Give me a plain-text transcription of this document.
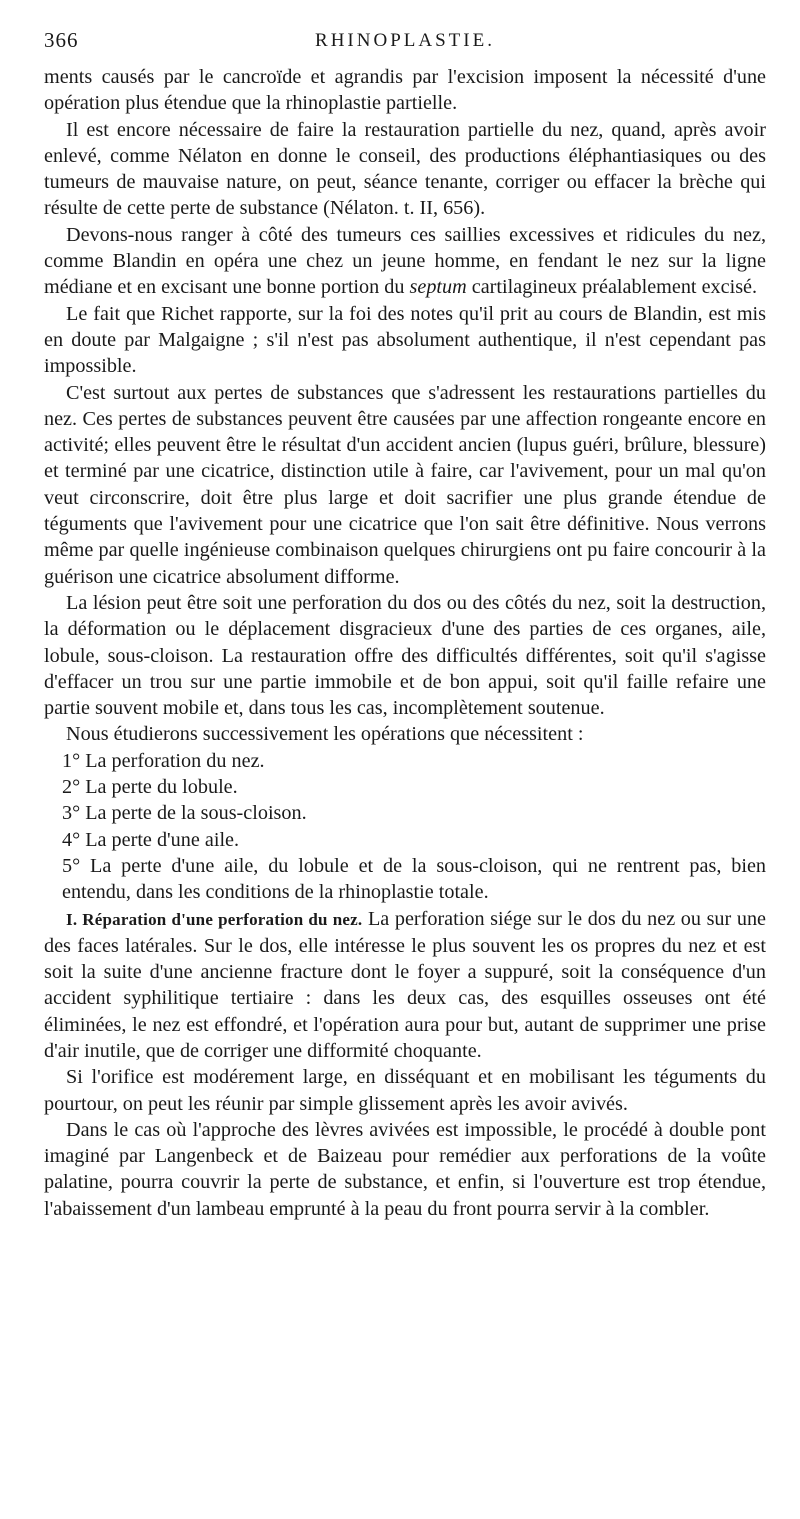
366	RHINOPLASTIE.

ments causés par le cancroïde et agrandis par l'excision imposent la nécessité d'une opération plus étendue que la rhinoplastie partielle.

Il est encore nécessaire de faire la restauration partielle du nez, quand, après avoir enlevé, comme Nélaton en donne le conseil, des productions éléphantiasiques ou des tumeurs de mauvaise nature, on peut, séance tenante, corriger ou effacer la brèche qui résulte de cette perte de substance (Nélaton. t. II, 656).

Devons-nous ranger à côté des tumeurs ces saillies excessives et ridicules du nez, comme Blandin en opéra une chez un jeune homme, en fendant le nez sur la ligne médiane et en excisant une bonne portion du septum cartilagineux préalablement excisé.

Le fait que Richet rapporte, sur la foi des notes qu'il prit au cours de Blandin, est mis en doute par Malgaigne ; s'il n'est pas absolument authentique, il n'est cependant pas impossible.

C'est surtout aux pertes de substances que s'adressent les restaurations partielles du nez. Ces pertes de substances peuvent être causées par une affection rongeante encore en activité; elles peuvent être le résultat d'un accident ancien (lupus guéri, brûlure, blessure) et terminé par une cicatrice, distinction utile à faire, car l'avivement, pour un mal qu'on veut circonscrire, doit être plus large et doit sacrifier une plus grande étendue de téguments que l'avivement pour une cicatrice que l'on sait être définitive. Nous verrons même par quelle ingénieuse combinaison quelques chirurgiens ont pu faire concourir à la guérison une cicatrice absolument difforme.

La lésion peut être soit une perforation du dos ou des côtés du nez, soit la destruction, la déformation ou le déplacement disgracieux d'une des parties de ces organes, aile, lobule, sous-cloison. La restauration offre des difficultés différentes, soit qu'il s'agisse d'effacer un trou sur une partie immobile et de bon appui, soit qu'il faille refaire une partie souvent mobile et, dans tous les cas, incomplètement soutenue.

Nous étudierons successivement les opérations que nécessitent :

1° La perforation du nez.

2° La perte du lobule.

3° La perte de la sous-cloison.

4° La perte d'une aile.

5° La perte d'une aile, du lobule et de la sous-cloison, qui ne rentrent pas, bien entendu, dans les conditions de la rhinoplastie totale.

I. Réparation d'une perforation du nez. La perforation siége sur le dos du nez ou sur une des faces latérales. Sur le dos, elle intéresse le plus souvent les os propres du nez et est soit la suite d'une ancienne fracture dont le foyer a suppuré, soit la conséquence d'un accident syphilitique tertiaire : dans les deux cas, des esquilles osseuses ont été éliminées, le nez est effondré, et l'opération aura pour but, autant de supprimer une prise d'air inutile, que de corriger une difformité choquante.

Si l'orifice est modérement large, en disséquant et en mobilisant les téguments du pourtour, on peut les réunir par simple glissement après les avoir avivés.

Dans le cas où l'approche des lèvres avivées est impossible, le procédé à double pont imaginé par Langenbeck et de Baizeau pour remédier aux perforations de la voûte palatine, pourra couvrir la perte de substance, et enfin, si l'ouverture est trop étendue, l'abaissement d'un lambeau emprunté à la peau du front pourra servir à la combler.
